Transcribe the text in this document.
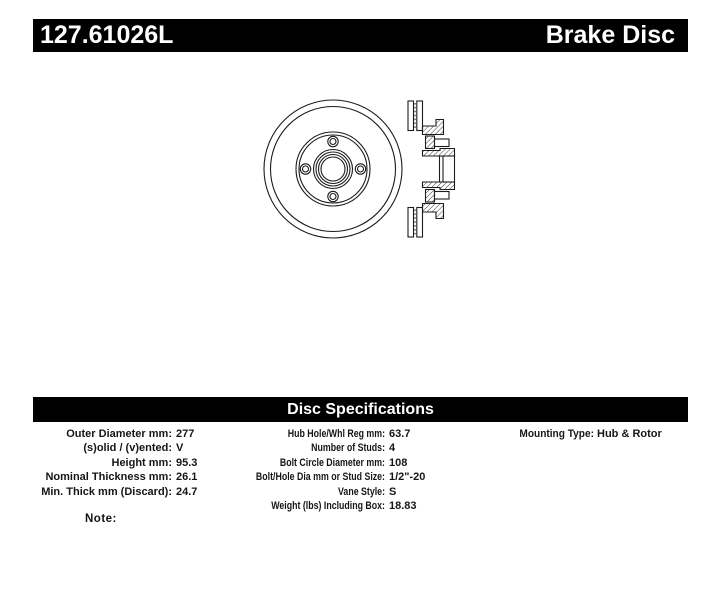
127.61026L	Brake Disc
Disc Specifications
Outer Diameter mm: 277
(s)olid / (v)ented: V
Height mm: 95.3
Nominal Thickness mm: 26.1
Min. Thick mm (Discard): 24.7
Hub Hole/Whl Reg mm: 63.7
Number of Studs: 4
Bolt Circle Diameter mm: 108
Bolt/Hole Dia mm or Stud Size: 1/2"-20
Vane Style: S
Weight (lbs) Including Box: 18.83
Mounting Type: Hub & Rotor
Note:
